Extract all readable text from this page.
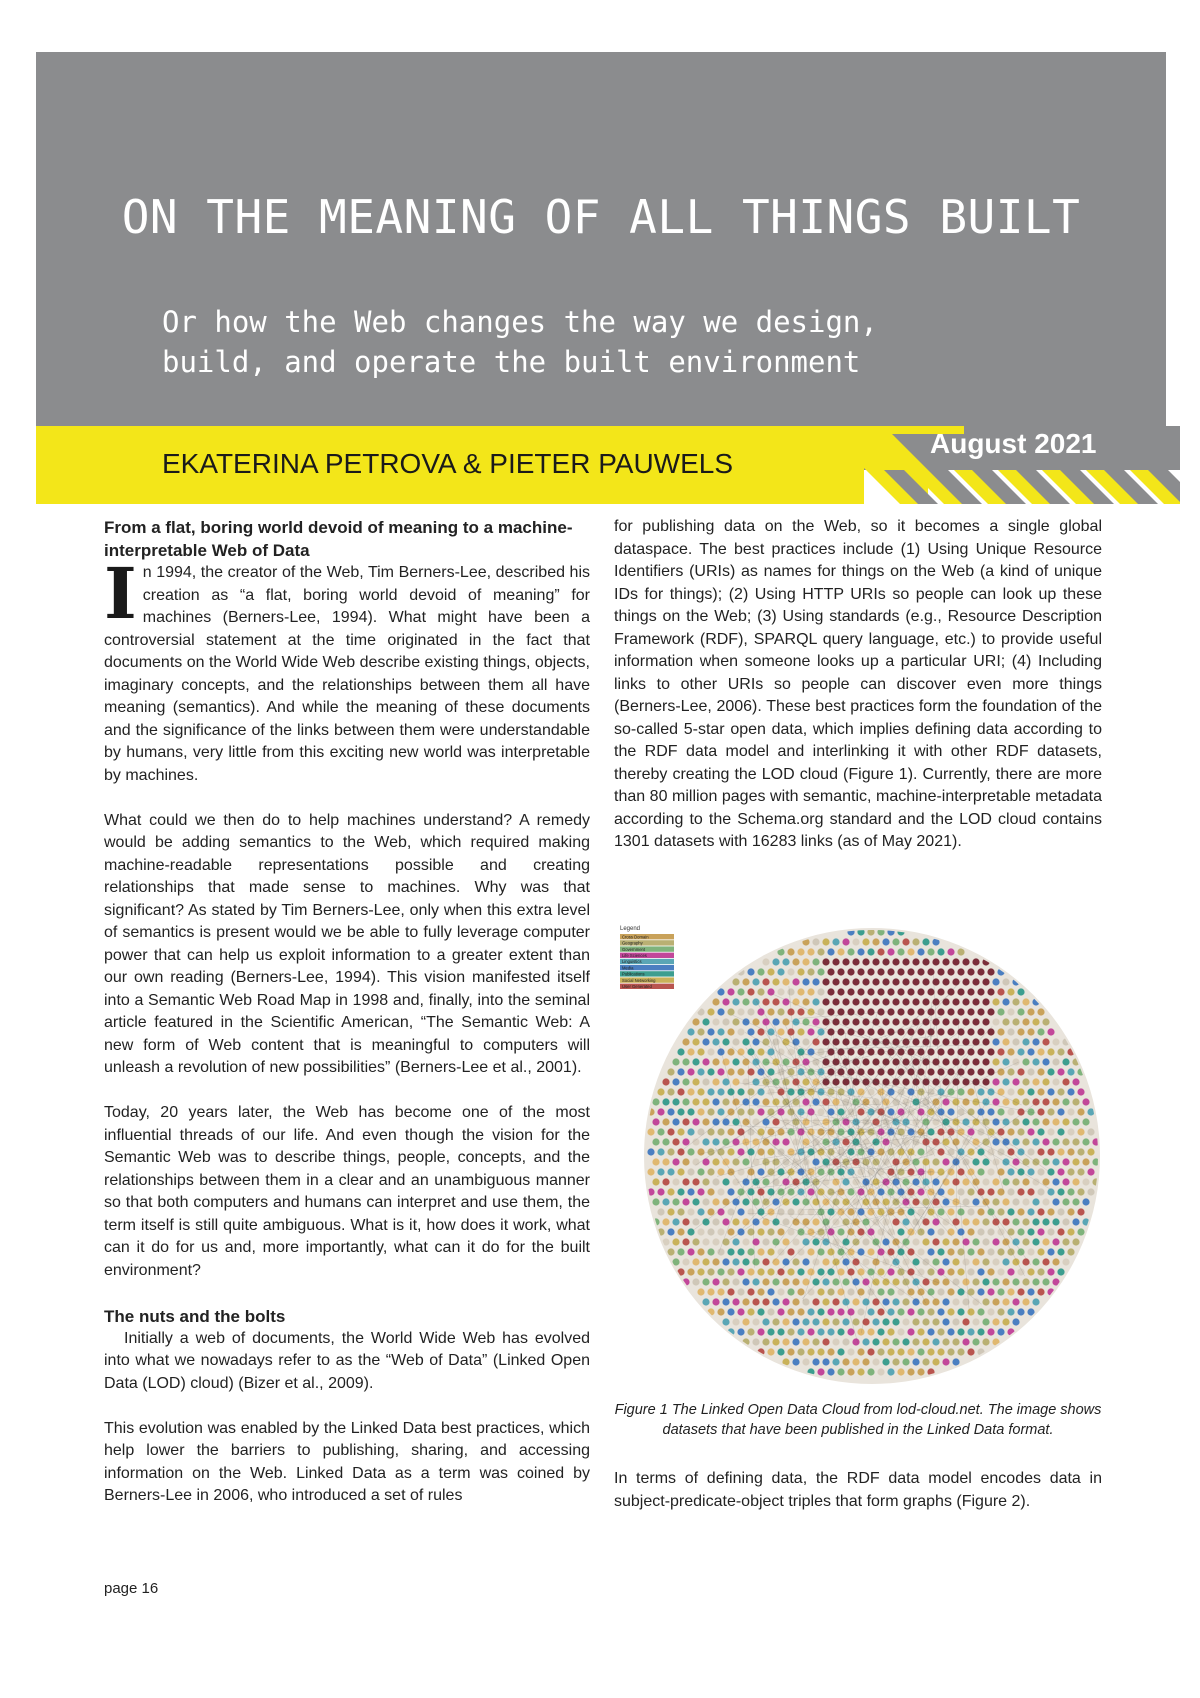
ON THE MEANING OF ALL THINGS BUILT
Or how the Web changes the way we design,
build, and operate the built environment
EKATERINA PETROVA & PIETER PAUWELS
August 2021
From a flat, boring world devoid of meaning to a machine-interpretable Web of Data

In 1994, the creator of the Web, Tim Berners-Lee, described his creation as “a flat, boring world devoid of meaning” for machines (Berners-Lee, 1994). What might have been a controversial statement at the time originated in the fact that documents on the World Wide Web describe existing things, objects, imaginary concepts, and the relationships between them all have meaning (semantics). And while the meaning of these documents and the significance of the links between them were understandable by humans, very little from this exciting new world was interpretable by machines.

What could we then do to help machines understand? A remedy would be adding semantics to the Web, which required making machine-readable representations possible and creating relationships that made sense to machines. Why was that significant? As stated by Tim Berners-Lee, only when this extra level of semantics is present would we be able to fully leverage computer power that can help us exploit information to a greater extent than our own reading (Berners-Lee, 1994). This vision manifested itself into a Semantic Web Road Map in 1998 and, finally, into the seminal article featured in the Scientific American, “The Semantic Web: A new form of Web content that is meaningful to computers will unleash a revolution of new possibilities” (Berners-Lee et al., 2001).

Today, 20 years later, the Web has become one of the most influential threads of our life. And even though the vision for the Semantic Web was to describe things, people, concepts, and the relationships between them in a clear and an unambiguous manner so that both computers and humans can interpret and use them, the term itself is still quite ambiguous. What is it, how does it work, what can it do for us and, more importantly, what can it do for the built environment?

The nuts and the bolts

Initially a web of documents, the World Wide Web has evolved into what we nowadays refer to as the “Web of Data” (Linked Open Data (LOD) cloud) (Bizer et al., 2009).

This evolution was enabled by the Linked Data best practices, which help lower the barriers to publishing, sharing, and accessing information on the Web. Linked Data as a term was coined by Berners-Lee in 2006, who introduced a set of rules

for publishing data on the Web, so it becomes a single global dataspace. The best practices include (1) Using Unique Resource Identifiers (URIs) as names for things on the Web (a kind of unique IDs for things); (2) Using HTTP URIs so people can look up these things on the Web; (3) Using standards (e.g., Resource Description Framework (RDF), SPARQL query language, etc.) to provide useful information when someone looks up a particular URI; (4) Including links to other URIs so people can discover even more things (Berners-Lee, 2006). These best practices form the foundation of the so-called 5-star open data, which implies defining data according to the RDF data model and interlinking it with other RDF datasets, thereby creating the LOD cloud (Figure 1). Currently, there are more than 80 million pages with semantic, machine-interpretable metadata according to the Schema.org standard and the LOD cloud contains 1301 datasets with 16283 links (as of May 2021).

Legend
Cross Domain
Geography
Government
Life Sciences
Linguistics
Media
Publications
Social Networking
User Generated
Figure 1 The Linked Open Data Cloud from lod-cloud.net. The image shows datasets that have been published in the Linked Data format.
In terms of defining data, the RDF data model encodes data in subject-predicate-object triples that form graphs (Figure 2).
page 16
